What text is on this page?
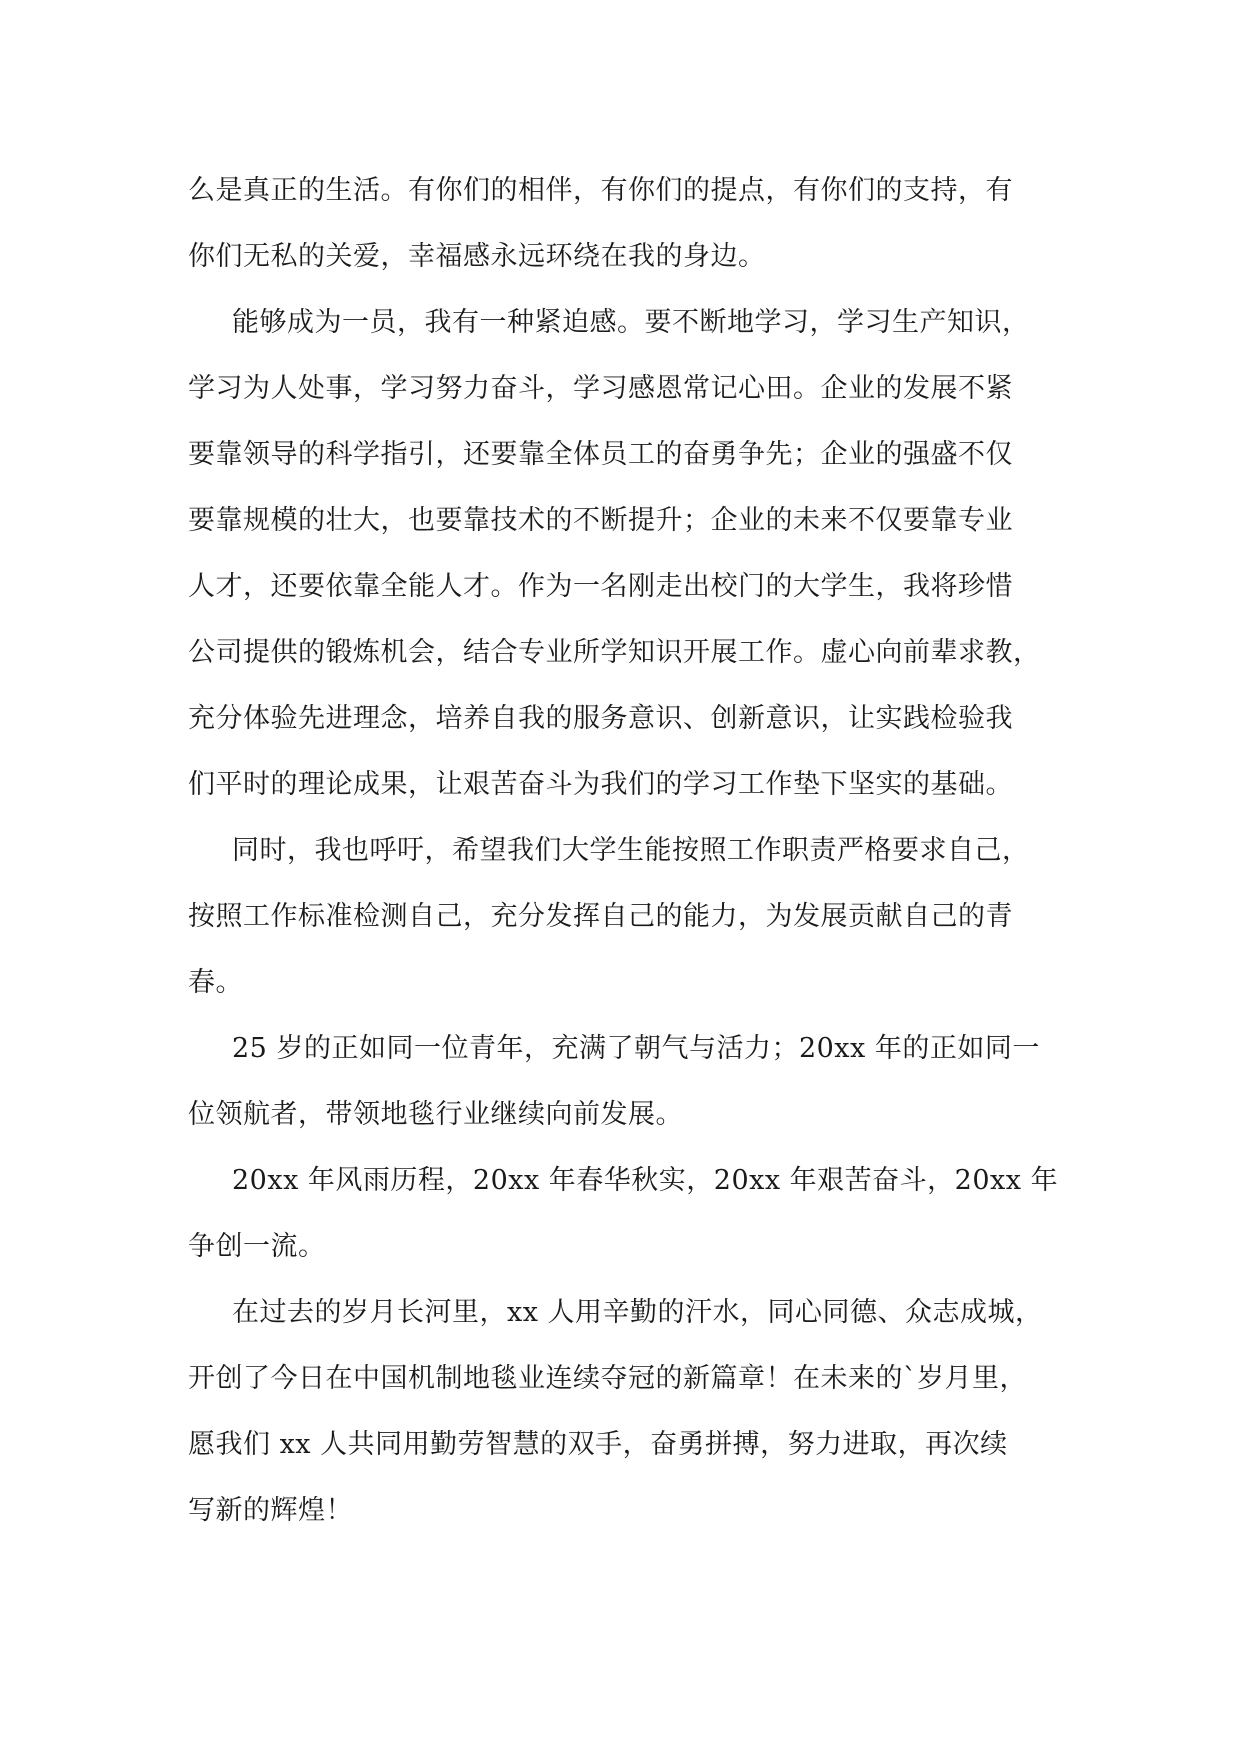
么是真正的生活。有你们的相伴，有你们的提点，有你们的支持，有
你们无私的关爱，幸福感永远环绕在我的身边。
能够成为一员，我有一种紧迫感。要不断地学习，学习生产知识，
学习为人处事，学习努力奋斗，学习感恩常记心田。企业的发展不紧
要靠领导的科学指引，还要靠全体员工的奋勇争先；企业的强盛不仅
要靠规模的壮大，也要靠技术的不断提升；企业的未来不仅要靠专业
人才，还要依靠全能人才。作为一名刚走出校门的大学生，我将珍惜
公司提供的锻炼机会，结合专业所学知识开展工作。虚心向前辈求教，
充分体验先进理念，培养自我的服务意识、创新意识，让实践检验我
们平时的理论成果，让艰苦奋斗为我们的学习工作垫下坚实的基础。
同时，我也呼吁，希望我们大学生能按照工作职责严格要求自己，
按照工作标准检测自己，充分发挥自己的能力，为发展贡献自己的青
春。
25 岁的正如同一位青年，充满了朝气与活力；20xx 年的正如同一
位领航者，带领地毯行业继续向前发展。
20xx 年风雨历程，20xx 年春华秋实，20xx 年艰苦奋斗，20xx 年
争创一流。
在过去的岁月长河里，xx 人用辛勤的汗水，同心同德、众志成城，
开创了今日在中国机制地毯业连续夺冠的新篇章！在未来的`岁月里，
愿我们 xx 人共同用勤劳智慧的双手，奋勇拼搏，努力进取，再次续
写新的辉煌！
